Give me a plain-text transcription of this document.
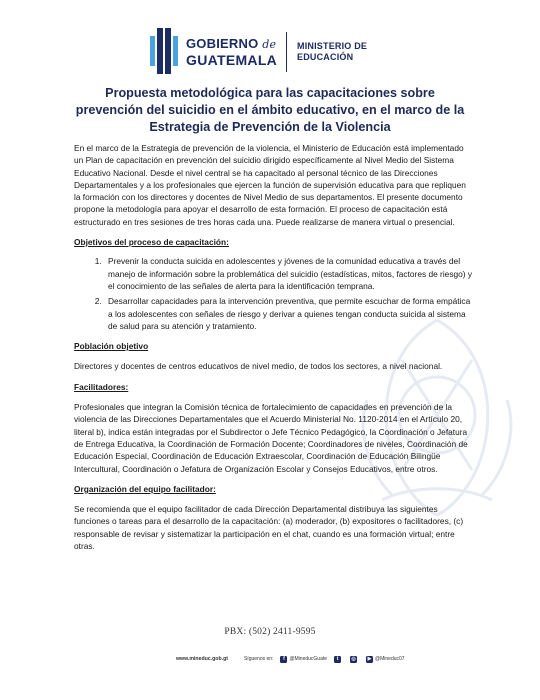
GOBIERNO de
GUATEMALA
MINISTERIO DE
EDUCACIÓN
Propuesta metodológica para las capacitaciones sobre prevención del suicidio en el ámbito educativo, en el marco de la Estrategia de Prevención de la Violencia

En el marco de la Estrategia de prevención de la violencia, el Ministerio de Educación está implementado un Plan de capacitación en prevención del suicidio dirigido específicamente al Nivel Medio del Sistema Educativo Nacional. Desde el nivel central se ha capacitado al personal técnico de las Direcciones Departamentales y a los profesionales que ejercen la función de supervisión educativa para que repliquen la formación con los directores y docentes de Nivel Medio de sus departamentos. El presente documento propone la metodología para apoyar el desarrollo de esta formación. El proceso de capacitación está estructurado en tres sesiones de tres horas cada una. Puede realizarse de manera virtual o presencial.

Objetivos del proceso de capacitación:

1. Prevenir la conducta suicida en adolescentes y jóvenes de la comunidad educativa a través del manejo de información sobre la problemática del suicidio (estadísticas, mitos, factores de riesgo) y el conocimiento de las señales de alerta para la identificación temprana.
2. Desarrollar capacidades para la intervención preventiva, que permite escuchar de forma empática a los adolescentes con señales de riesgo y derivar a quienes tengan conducta suicida al sistema de salud para su atención y tratamiento.

Población objetivo

Directores y docentes de centros educativos de nivel medio, de todos los sectores, a nivel nacional.

Facilitadores:

Profesionales que integran la Comisión técnica de fortalecimiento de capacidades en prevención de la violencia de las Direcciones Departamentales que el Acuerdo Ministerial No. 1120-2014 en el Artículo 20, literal b), indica están integradas por el Subdirector o Jefe Técnico Pedagógico, la Coordinación o Jefatura de Entrega Educativa, la Coordinación de Formación Docente; Coordinadores de niveles, Coordinación de Educación Especial, Coordinación de Educación Extraescolar, Coordinación de Educación Bilingüe Intercultural, Coordinación o Jefatura de Organización Escolar y Consejos Educativos, entre otros.

Organización del equipo facilitador:

Se recomienda que el equipo facilitador de cada Dirección Departamental distribuya las siguientes funciones o tareas para el desarrollo de la capacitación: (a) moderador, (b) expositores o facilitadores, (c) responsable de revisar y sistematizar la participación en el chat, cuando es una formación virtual; entre otras.

PBX: (502) 2411-9595
www.mineduc.gob.gt	Síguenos en:	f @MineducGuate	t	◎	▶ @Mineduc07
